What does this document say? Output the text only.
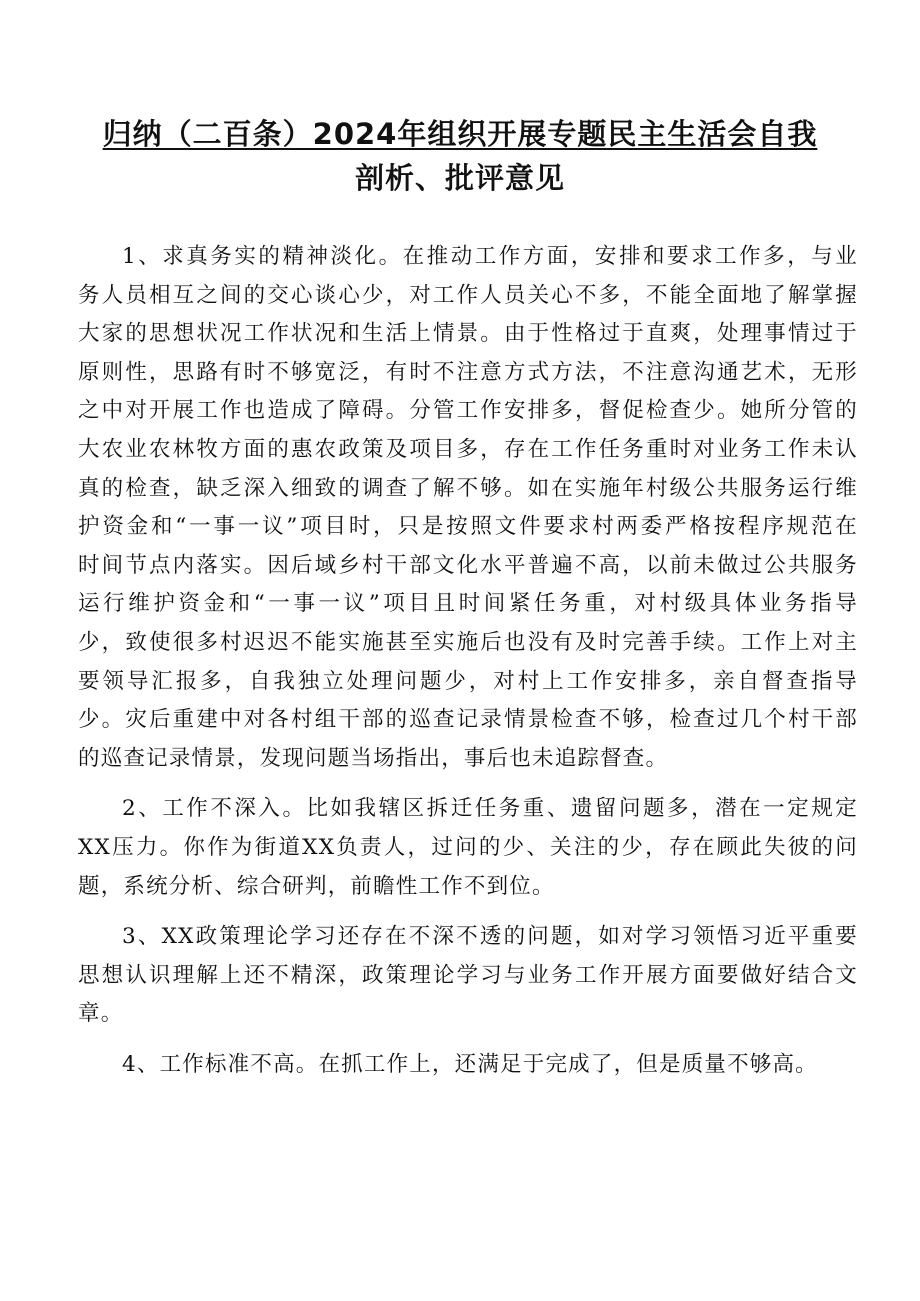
归纳（二百条）2024年组织开展专题民主生活会自我
剖析、批评意见
1、求真务实的精神淡化。在推动工作方面，安排和要求工作多，与业
务人员相互之间的交心谈心少，对工作人员关心不多，不能全面地了解掌握
大家的思想状况工作状况和生活上情景。由于性格过于直爽，处理事情过于
原则性，思路有时不够宽泛，有时不注意方式方法，不注意沟通艺术，无形
之中对开展工作也造成了障碍。分管工作安排多，督促检查少。她所分管的
大农业农林牧方面的惠农政策及项目多，存在工作任务重时对业务工作未认
真的检查，缺乏深入细致的调查了解不够。如在实施年村级公共服务运行维
护资金和“一事一议”项目时，只是按照文件要求村两委严格按程序规范在
时间节点内落实。因后域乡村干部文化水平普遍不高，以前未做过公共服务
运行维护资金和“一事一议”项目且时间紧任务重，对村级具体业务指导
少，致使很多村迟迟不能实施甚至实施后也没有及时完善手续。工作上对主
要领导汇报多，自我独立处理问题少，对村上工作安排多，亲自督查指导
少。灾后重建中对各村组干部的巡查记录情景检查不够，检查过几个村干部
的巡查记录情景，发现问题当场指出，事后也未追踪督查。
2、工作不深入。比如我辖区拆迁任务重、遗留问题多，潜在一定规定
XX压力。你作为街道XX负责人，过问的少、关注的少，存在顾此失彼的问
题，系统分析、综合研判，前瞻性工作不到位。
3、XX政策理论学习还存在不深不透的问题，如对学习领悟习近平重要
思想认识理解上还不精深，政策理论学习与业务工作开展方面要做好结合文
章。
4、工作标准不高。在抓工作上，还满足于完成了，但是质量不够高。
